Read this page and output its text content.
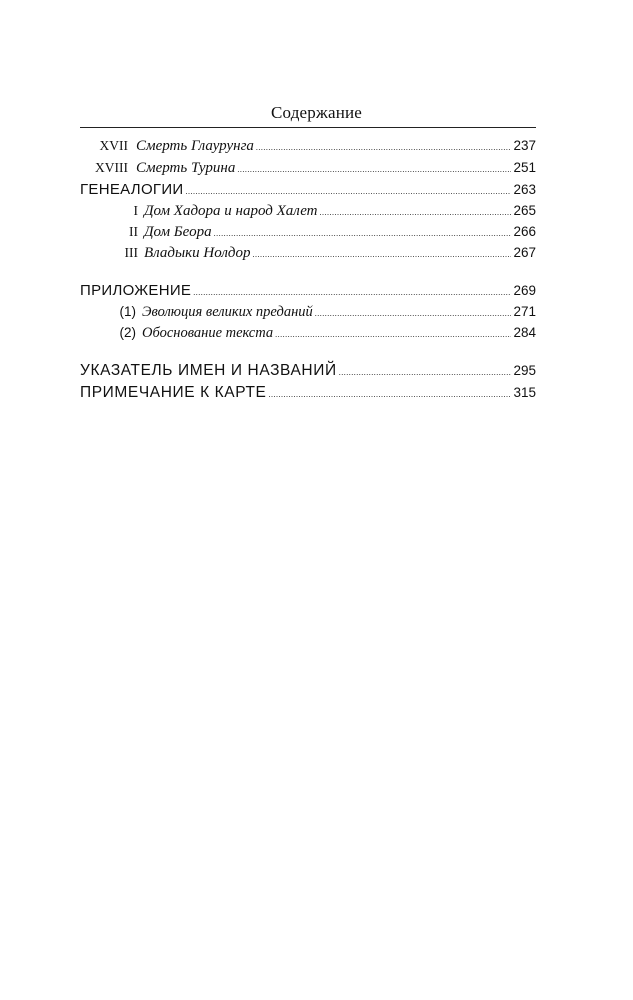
Содержание
XVII Смерть Глаурунга .....	237
XVIII Смерть Турина .....	251
ГЕНЕАЛОГИИ .....	263
I Дом Хадора и народ Халет .....	265
II Дом Беора .....	266
III Владыки Нолдор .....	267
ПРИЛОЖЕНИЕ .....	269
(1) Эволюция великих преданий .....	271
(2) Обоснование текста .....	284
УКАЗАТЕЛЬ ИМЕН И НАЗВАНИЙ .....	295
ПРИМЕЧАНИЕ К КАРТЕ .....	315
